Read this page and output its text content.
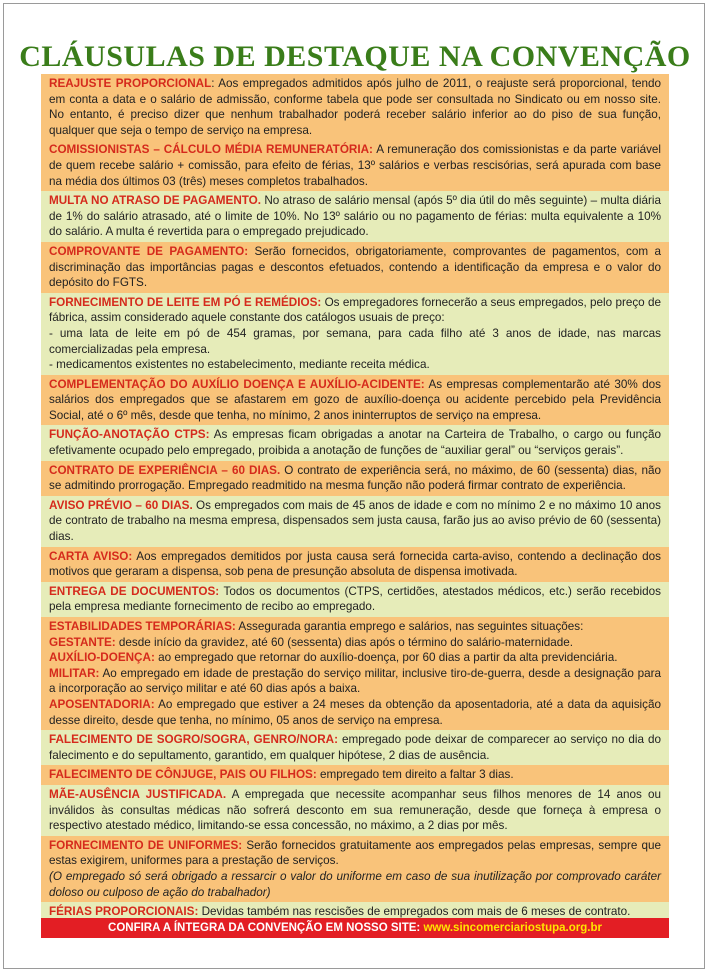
CLÁUSULAS DE DESTAQUE NA CONVENÇÃO
REAJUSTE PROPORCIONAL: Aos empregados admitidos após julho de 2011, o reajuste será proporcional, tendo em conta a data e o salário de admissão, conforme tabela que pode ser consultada no Sindicato ou em nosso site. No entanto, é preciso dizer que nenhum trabalhador poderá receber salário inferior ao do piso de sua função, qualquer que seja o tempo de serviço na empresa.
COMISSIONISTAS – CÁLCULO MÉDIA REMUNERATÓRIA: A remuneração dos comissionistas e da parte variável de quem recebe salário + comissão, para efeito de férias, 13º salários e verbas rescisórias, será apurada com base na média dos últimos 03 (três) meses completos trabalhados.
MULTA NO ATRASO DE PAGAMENTO. No atraso de salário mensal (após 5º dia útil do mês seguinte) – multa diária de 1% do salário atrasado, até o limite de 10%. No 13º salário ou no pagamento de férias: multa equivalente a 10% do salário. A multa é revertida para o empregado prejudicado.
COMPROVANTE DE PAGAMENTO: Serão fornecidos, obrigatoriamente, comprovantes de pagamentos, com a discriminação das importâncias pagas e descontos efetuados, contendo a identificação da empresa e o valor do depósito do FGTS.
FORNECIMENTO DE LEITE EM PÓ E REMÉDIOS: Os empregadores fornecerão a seus empregados, pelo preço de fábrica, assim considerado aquele constante dos catálogos usuais de preço:
- uma lata de leite em pó de 454 gramas, por semana, para cada filho até 3 anos de idade, nas marcas comercializadas pela empresa.
- medicamentos existentes no estabelecimento, mediante receita médica.
COMPLEMENTAÇÃO DO AUXÍLIO DOENÇA E AUXÍLIO-ACIDENTE: As empresas complementarão até 30% dos salários dos empregados que se afastarem em gozo de auxílio-doença ou acidente percebido pela Previdência Social, até o 6º mês, desde que tenha, no mínimo, 2 anos ininterruptos de serviço na empresa.
FUNÇÃO-ANOTAÇÃO CTPS: As empresas ficam obrigadas a anotar na Carteira de Trabalho, o cargo ou função efetivamente ocupado pelo empregado, proibida a anotação de funções de “auxiliar geral” ou “serviços gerais”.
CONTRATO DE EXPERIÊNCIA – 60 DIAS. O contrato de experiência será, no máximo, de 60 (sessenta) dias, não se admitindo prorrogação. Empregado readmitido na mesma função não poderá firmar contrato de experiência.
AVISO PRÉVIO – 60 DIAS. Os empregados com mais de 45 anos de idade e com no mínimo 2 e no máximo 10 anos de contrato de trabalho na mesma empresa, dispensados sem justa causa, farão jus ao aviso prévio de 60 (sessenta) dias.
CARTA AVISO: Aos empregados demitidos por justa causa será fornecida carta-aviso, contendo a declinação dos motivos que geraram a dispensa, sob pena de presunção absoluta de dispensa imotivada.
ENTREGA DE DOCUMENTOS: Todos os documentos (CTPS, certidões, atestados médicos, etc.) serão recebidos pela empresa mediante fornecimento de recibo ao empregado.
ESTABILIDADES TEMPORÁRIAS: Assegurada garantia emprego e salários, nas seguintes situações:
GESTANTE: desde início da gravidez, até 60 (sessenta) dias após o término do salário-maternidade.
AUXÍLIO-DOENÇA: ao empregado que retornar do auxílio-doença, por 60 dias a partir da alta previdenciária.
MILITAR: Ao empregado em idade de prestação do serviço militar, inclusive tiro-de-guerra, desde a designação para a incorporação ao serviço militar e até 60 dias após a baixa.
APOSENTADORIA: Ao empregado que estiver a 24 meses da obtenção da aposentadoria, até a data da aquisição desse direito, desde que tenha, no mínimo, 05 anos de serviço na empresa.
FALECIMENTO DE SOGRO/SOGRA, GENRO/NORA: empregado pode deixar de comparecer ao serviço no dia do falecimento e do sepultamento, garantido, em qualquer hipótese, 2 dias de ausência.
FALECIMENTO DE CÔNJUGE, PAIS OU FILHOS: empregado tem direito a faltar 3 dias.
MÃE-AUSÊNCIA JUSTIFICADA. A empregada que necessite acompanhar seus filhos menores de 14 anos ou inválidos às consultas médicas não sofrerá desconto em sua remuneração, desde que forneça à empresa o respectivo atestado médico, limitando-se essa concessão, no máximo, a 2 dias por mês.
FORNECIMENTO DE UNIFORMES: Serão fornecidos gratuitamente aos empregados pelas empresas, sempre que estas exigirem, uniformes para a prestação de serviços.
(O empregado só será obrigado a ressarcir o valor do uniforme em caso de sua inutilização por comprovado caráter doloso ou culposo de ação do trabalhador)
FÉRIAS PROPORCIONAIS: Devidas também nas rescisões de empregados com mais de 6 meses de contrato.
CONFIRA A ÍNTEGRA DA CONVENÇÃO EM NOSSO SITE: www.sincomerciariostupa.org.br
